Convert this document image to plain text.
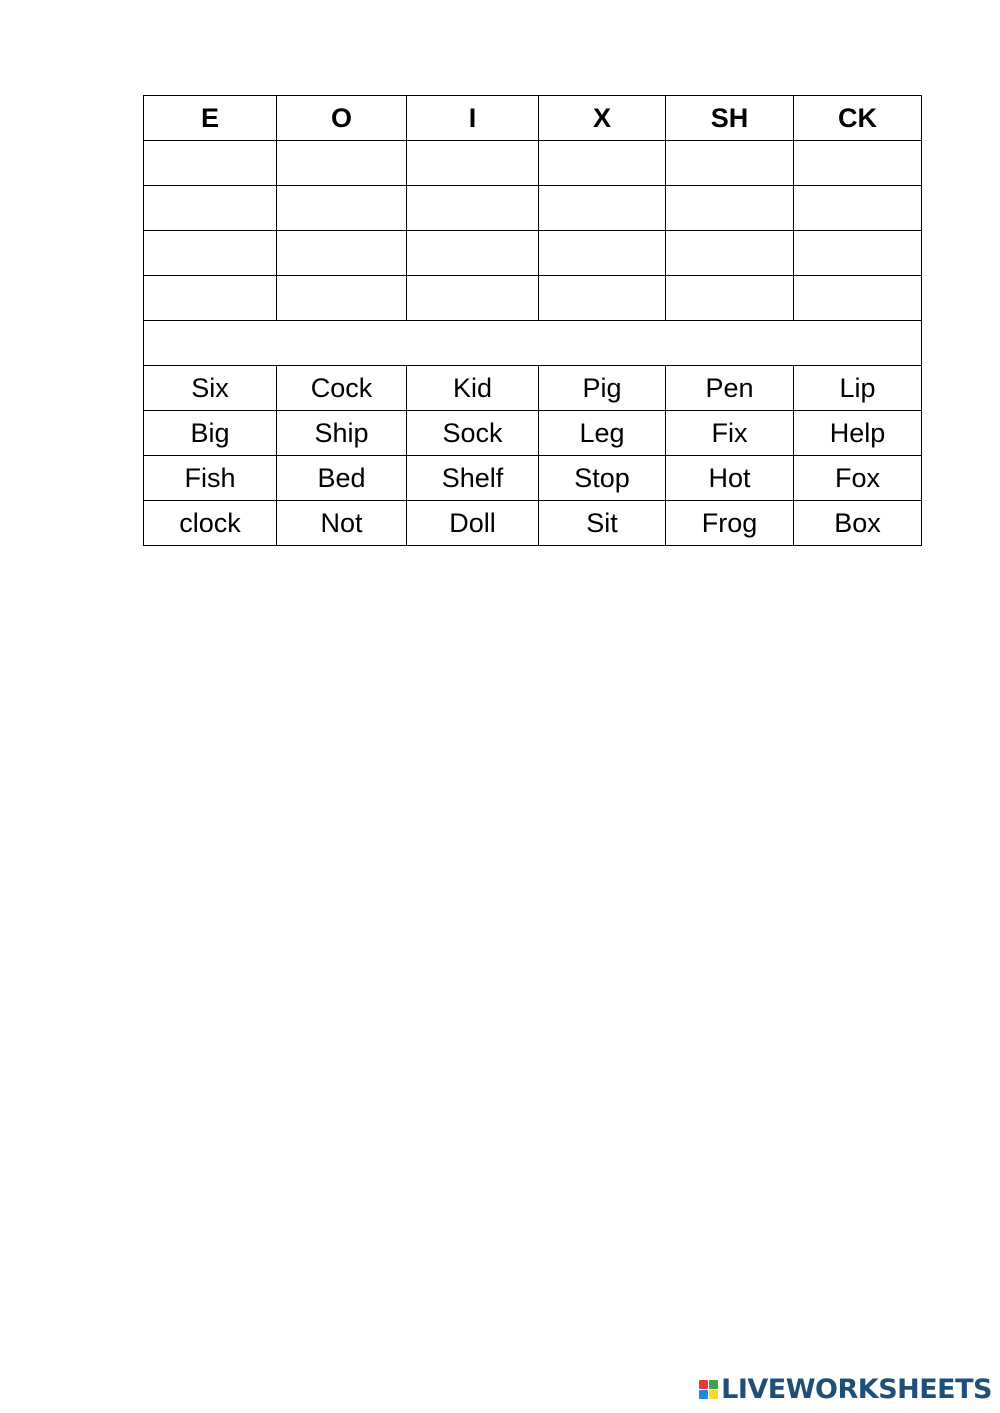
E	O	I	X	SH	CK

Six	Cock	Kid	Pig	Pen	Lip
Big	Ship	Sock	Leg	Fix	Help
Fish	Bed	Shelf	Stop	Hot	Fox
clock	Not	Doll	Sit	Frog	Box
LIVEWORKSHEETS
